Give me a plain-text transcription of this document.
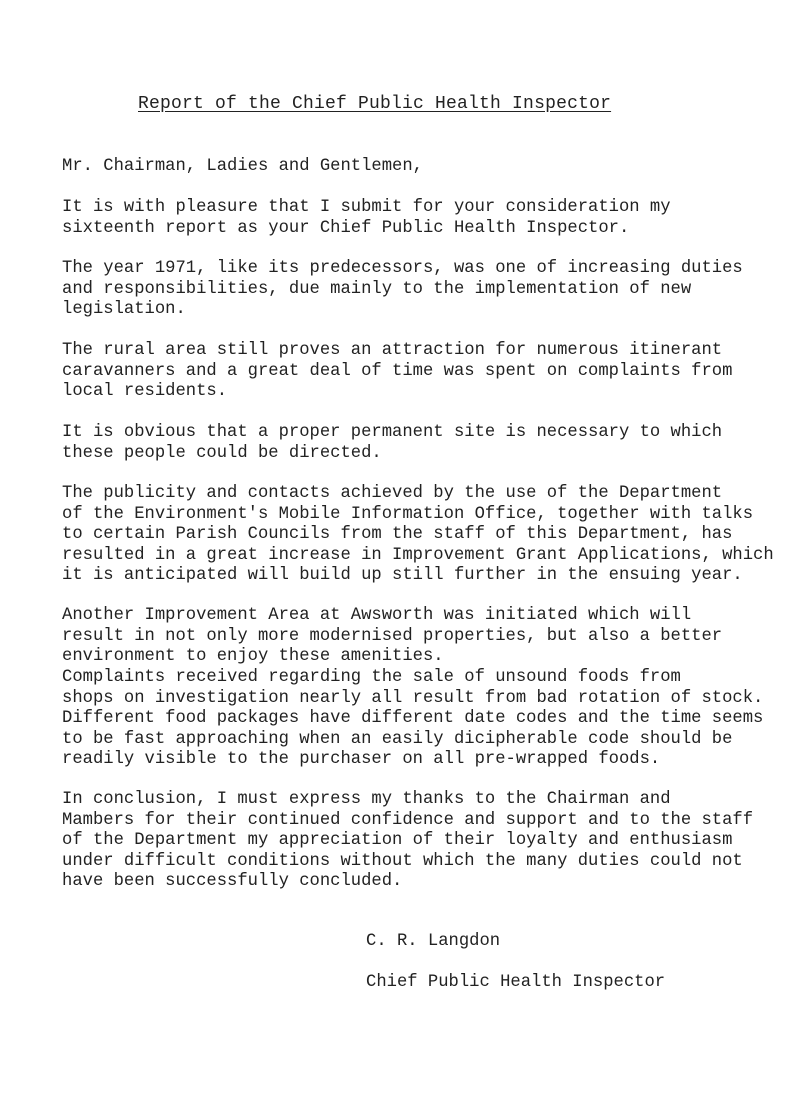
Report of the Chief Public Health Inspector

Mr. Chairman, Ladies and Gentlemen,

It is with pleasure that I submit for your consideration my
sixteenth report as your Chief Public Health Inspector.

The year 1971, like its predecessors, was one of increasing duties
and responsibilities, due mainly to the implementation of new
legislation.

The rural area still proves an attraction for numerous itinerant
caravanners and a great deal of time was spent on complaints from
local residents.

It is obvious that a proper permanent site is necessary to which
these people could be directed.

The publicity and contacts achieved by the use of the Department
of the Environment's Mobile Information Office, together with talks
to certain Parish Councils from the staff of this Department, has
resulted in a great increase in Improvement Grant Applications, which
it is anticipated will build up still further in the ensuing year.

Another Improvement Area at Awsworth was initiated which will
result in not only more modernised properties, but also a better
environment to enjoy these amenities.

Complaints received regarding the sale of unsound foods from
shops on investigation nearly all result from bad rotation of stock.
Different food packages have different date codes and the time seems
to be fast approaching when an easily dicipherable code should be
readily visible to the purchaser on all pre-wrapped foods.

In conclusion, I must express my thanks to the Chairman and
Mambers for their continued confidence and support and to the staff
of the Department my appreciation of their loyalty and enthusiasm
under difficult conditions without which the many duties could not
have been successfully concluded.

C. R. Langdon
Chief Public Health Inspector
